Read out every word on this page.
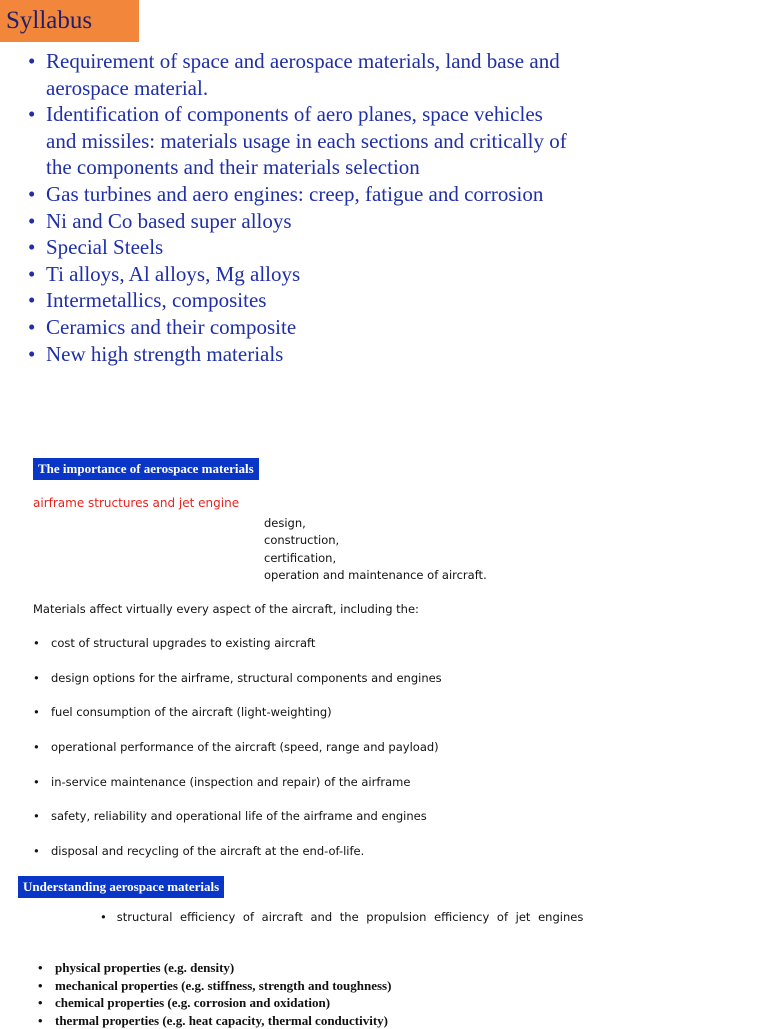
Syllabus
• Requirement of space and aerospace materials, land base and aerospace material.
• Identification of components of aero planes, space vehicles and missiles: materials usage in each sections and critically of the components and their materials selection
• Gas turbines and aero engines: creep, fatigue and corrosion
• Ni and Co based super alloys
• Special Steels
• Ti alloys, Al alloys, Mg alloys
• Intermetallics, composites
• Ceramics and their composite
• New high strength materials
The importance of aerospace materials
airframe structures and jet engine
design,
construction,
certification,
operation and maintenance of aircraft.
Materials affect virtually every aspect of the aircraft, including the:
• cost of structural upgrades to existing aircraft
• design options for the airframe, structural components and engines
• fuel consumption of the aircraft (light-weighting)
• operational performance of the aircraft (speed, range and payload)
• in-service maintenance (inspection and repair) of the airframe
• safety, reliability and operational life of the airframe and engines
• disposal and recycling of the aircraft at the end-of-life.
Understanding aerospace materials
• structural efficiency of aircraft and the propulsion efficiency of jet engines
• physical properties (e.g. density)
• mechanical properties (e.g. stiffness, strength and toughness)
• chemical properties (e.g. corrosion and oxidation)
• thermal properties (e.g. heat capacity, thermal conductivity)
